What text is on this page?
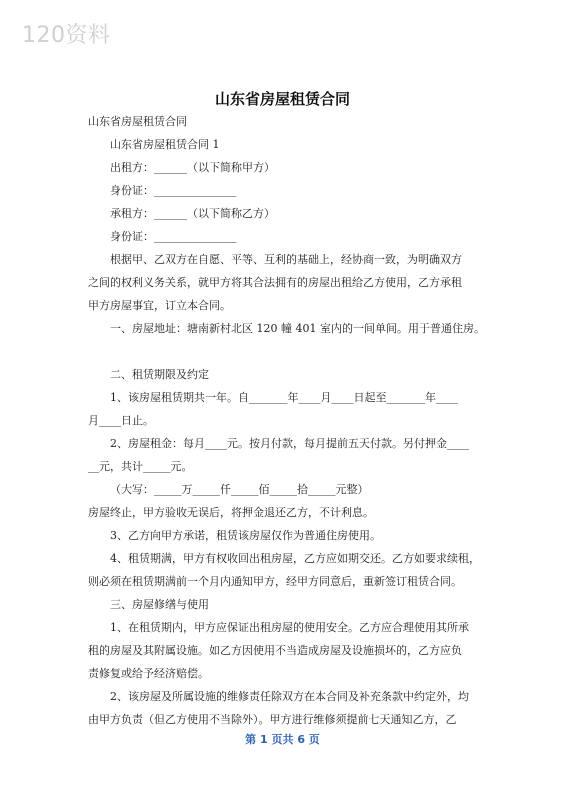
120资料
山东省房屋租赁合同

山东省房屋租赁合同

山东省房屋租赁合同 1

出租方：______（以下简称甲方）

身份证：_______________

承租方：______（以下简称乙方）

身份证：_______________

根据甲、乙双方在自愿、平等、互利的基础上，经协商一致，为明确双方

之间的权利义务关系，就甲方将其合法拥有的房屋出租给乙方使用，乙方承租

甲方房屋事宜，订立本合同。

一、房屋地址：塘南新村北区 120 幢 401 室内的一间单间。用于普通住房。

二、租赁期限及约定

1、该房屋租赁期共一年。自_______年____月____日起至_______年____

月____日止。

2、房屋租金：每月____元。按月付款，每月提前五天付款。另付押金____

__元，共计_____元。

（大写：_____万_____仟_____佰_____拾_____元整）

房屋终止，甲方验收无误后，将押金退还乙方，不计利息。

3、乙方向甲方承诺，租赁该房屋仅作为普通住房使用。

4、租赁期满，甲方有权收回出租房屋，乙方应如期交还。乙方如要求续租，

则必须在租赁期满前一个月内通知甲方，经甲方同意后，重新签订租赁合同。

三、房屋修缮与使用

1、在租赁期内，甲方应保证出租房屋的使用安全。乙方应合理使用其所承

租的房屋及其附属设施。如乙方因使用不当造成房屋及设施损坏的，乙方应负

责修复或给予经济赔偿。

2、该房屋及所属设施的维修责任除双方在本合同及补充条款中约定外，均

由甲方负责（但乙方使用不当除外）。甲方进行维修须提前七天通知乙方，乙

第 1 页共 6 页
